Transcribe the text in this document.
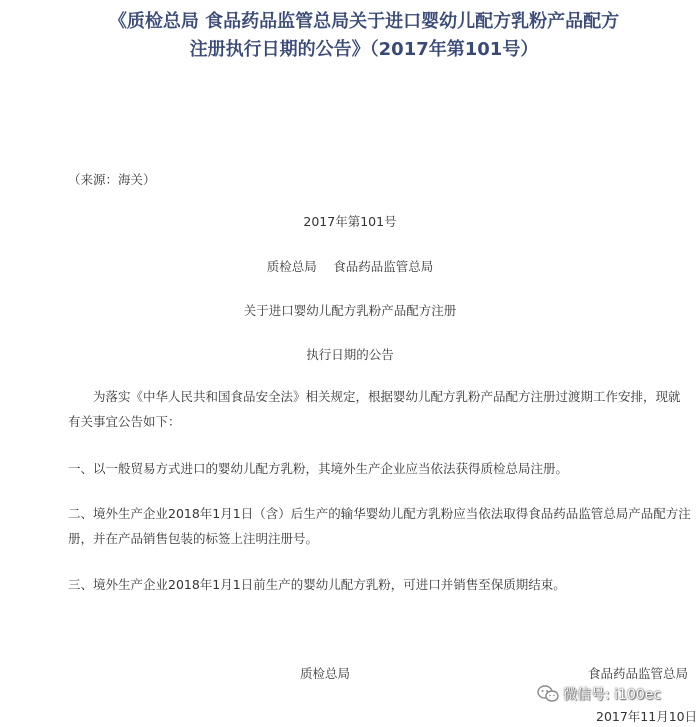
《质检总局 食品药品监管总局关于进口婴幼儿配方乳粉产品配方
注册执行日期的公告》（2017年第101号）

（来源：海关）

2017年第101号

质检总局　 食品药品监管总局

关于进口婴幼儿配方乳粉产品配方注册

执行日期的公告

　　为落实《中华人民共和国食品安全法》相关规定，根据婴幼儿配方乳粉产品配方注册过渡期工作安排，现就有关事宜公告如下：

一、以一般贸易方式进口的婴幼儿配方乳粉，其境外生产企业应当依法获得质检总局注册。

二、境外生产企业2018年1月1日（含）后生产的输华婴幼儿配方乳粉应当依法取得食品药品监管总局产品配方注册，并在产品销售包装的标签上注明注册号。

三、境外生产企业2018年1月1日前生产的婴幼儿配方乳粉，可进口并销售至保质期结束。

质检总局	食品药品监管总局

微信号: i100ec

2017年11月10日
